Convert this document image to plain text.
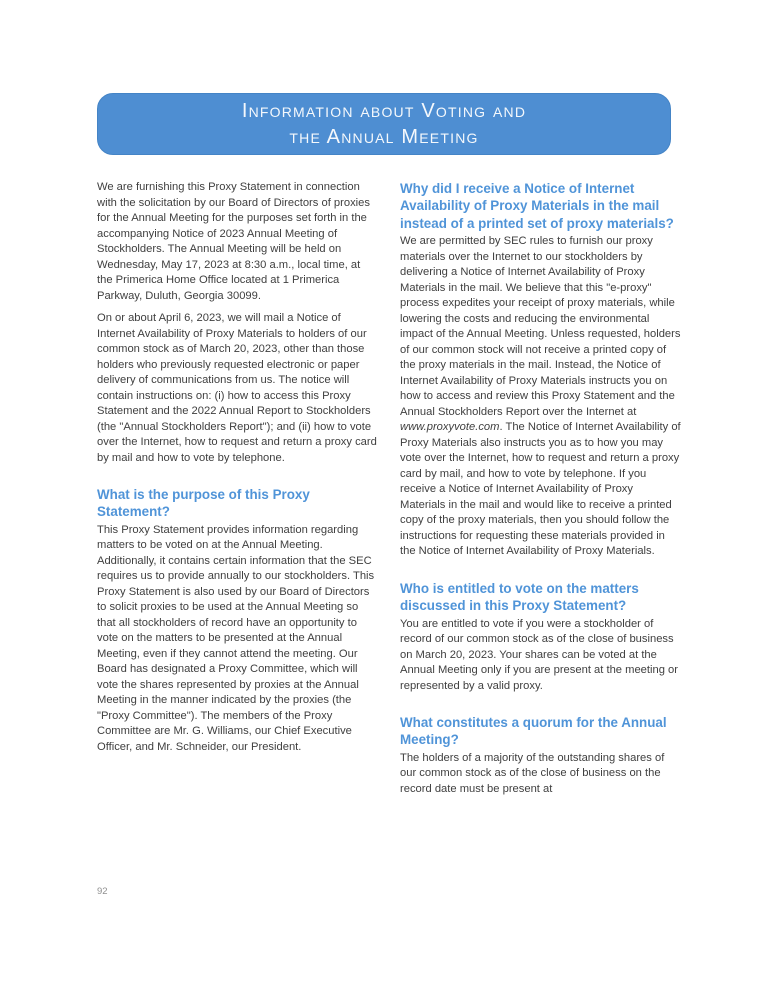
Information about Voting and
the Annual Meeting

We are furnishing this Proxy Statement in connection with the solicitation by our Board of Directors of proxies for the Annual Meeting for the purposes set forth in the accompanying Notice of 2023 Annual Meeting of Stockholders. The Annual Meeting will be held on Wednesday, May 17, 2023 at 8:30 a.m., local time, at the Primerica Home Office located at 1 Primerica Parkway, Duluth, Georgia 30099.

On or about April 6, 2023, we will mail a Notice of Internet Availability of Proxy Materials to holders of our common stock as of March 20, 2023, other than those holders who previously requested electronic or paper delivery of communications from us. The notice will contain instructions on: (i) how to access this Proxy Statement and the 2022 Annual Report to Stockholders (the "Annual Stockholders Report"); and (ii) how to vote over the Internet, how to request and return a proxy card by mail and how to vote by telephone.

What is the purpose of this Proxy Statement?

This Proxy Statement provides information regarding matters to be voted on at the Annual Meeting. Additionally, it contains certain information that the SEC requires us to provide annually to our stockholders. This Proxy Statement is also used by our Board of Directors to solicit proxies to be used at the Annual Meeting so that all stockholders of record have an opportunity to vote on the matters to be presented at the Annual Meeting, even if they cannot attend the meeting. Our Board has designated a Proxy Committee, which will vote the shares represented by proxies at the Annual Meeting in the manner indicated by the proxies (the "Proxy Committee"). The members of the Proxy Committee are Mr. G. Williams, our Chief Executive Officer, and Mr. Schneider, our President.

Why did I receive a Notice of Internet Availability of Proxy Materials in the mail instead of a printed set of proxy materials?

We are permitted by SEC rules to furnish our proxy materials over the Internet to our stockholders by delivering a Notice of Internet Availability of Proxy Materials in the mail. We believe that this "e-proxy" process expedites your receipt of proxy materials, while lowering the costs and reducing the environmental impact of the Annual Meeting. Unless requested, holders of our common stock will not receive a printed copy of the proxy materials in the mail. Instead, the Notice of Internet Availability of Proxy Materials instructs you on how to access and review this Proxy Statement and the Annual Stockholders Report over the Internet at www.proxyvote.com. The Notice of Internet Availability of Proxy Materials also instructs you as to how you may vote over the Internet, how to request and return a proxy card by mail, and how to vote by telephone. If you receive a Notice of Internet Availability of Proxy Materials in the mail and would like to receive a printed copy of the proxy materials, then you should follow the instructions for requesting these materials provided in the Notice of Internet Availability of Proxy Materials.

Who is entitled to vote on the matters discussed in this Proxy Statement?

You are entitled to vote if you were a stockholder of record of our common stock as of the close of business on March 20, 2023. Your shares can be voted at the Annual Meeting only if you are present at the meeting or represented by a valid proxy.

What constitutes a quorum for the Annual Meeting?

The holders of a majority of the outstanding shares of our common stock as of the close of business on the record date must be present at

92
